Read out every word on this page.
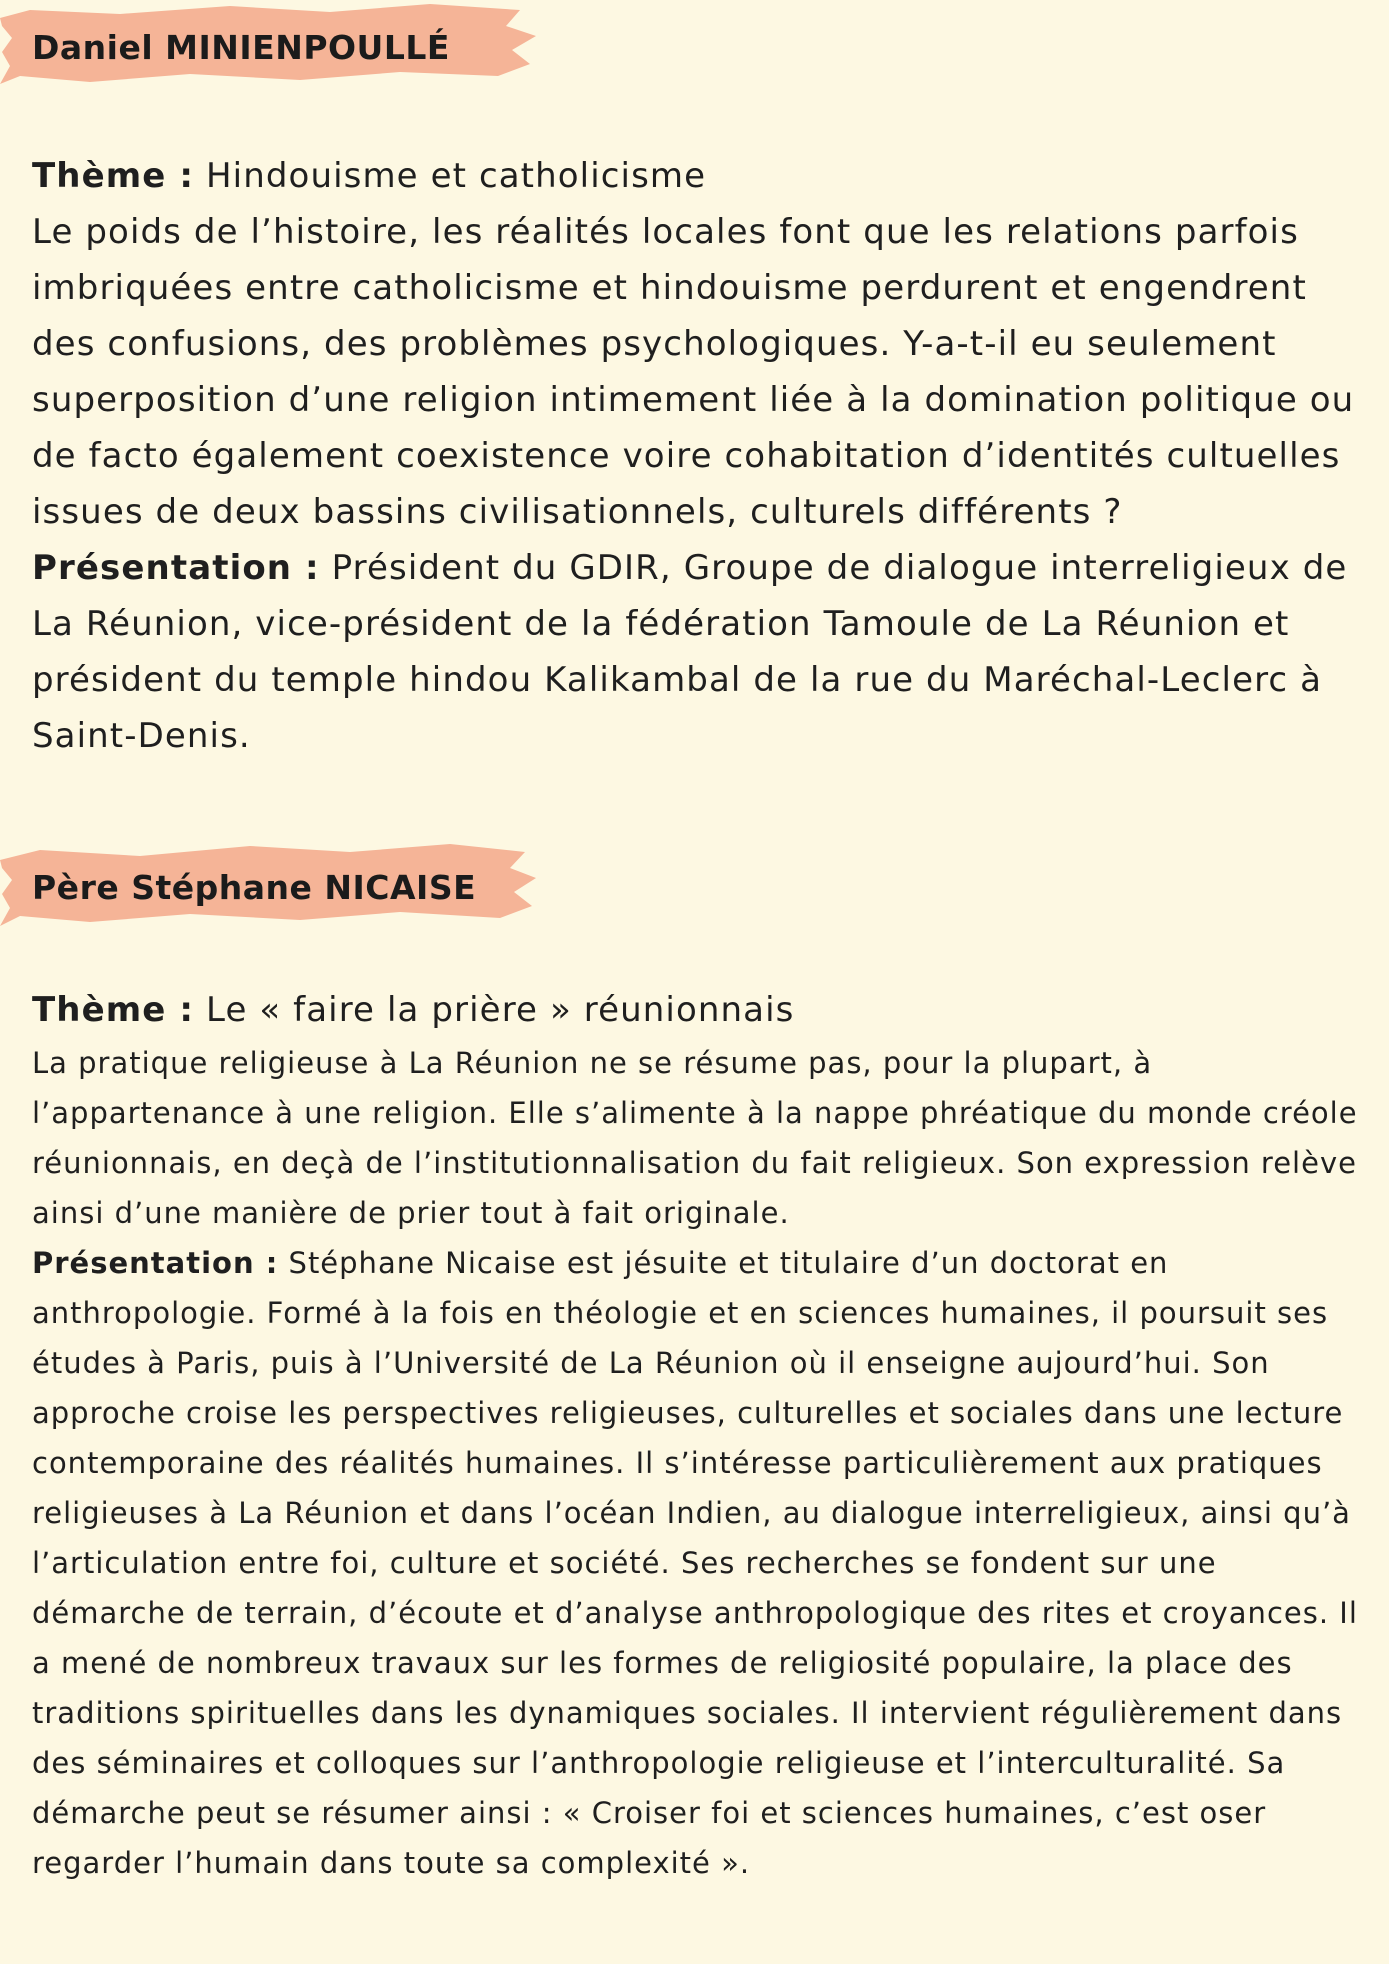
Daniel MINIENPOULLÉ

Thème : Hindouisme et catholicisme

Le poids de l’histoire, les réalités locales font que les relations parfois imbriquées entre catholicisme et hindouisme perdurent et engendrent des confusions, des problèmes psychologiques. Y-a-t-il eu seulement superposition d’une religion intimement liée à la domination politique ou de facto également coexistence voire cohabitation d’identités cultuelles issues de deux bassins civilisationnels, culturels différents ?

Présentation : Président du GDIR, Groupe de dialogue interreligieux de La Réunion, vice-président de la fédération Tamoule de La Réunion et président du temple hindou Kalikambal de la rue du Maréchal-Leclerc à Saint-Denis.

Père Stéphane NICAISE

Thème : Le « faire la prière » réunionnais

La pratique religieuse à La Réunion ne se résume pas, pour la plupart, à l’appartenance à une religion. Elle s’alimente à la nappe phréatique du monde créole réunionnais, en deçà de l’institutionnalisation du fait religieux. Son expression relève ainsi d’une manière de prier tout à fait originale.

Présentation : Stéphane Nicaise est jésuite et titulaire d’un doctorat en anthropologie. Formé à la fois en théologie et en sciences humaines, il poursuit ses études à Paris, puis à l’Université de La Réunion où il enseigne aujourd’hui. Son approche croise les perspectives religieuses, culturelles et sociales dans une lecture contemporaine des réalités humaines. Il s’intéresse particulièrement aux pratiques religieuses à La Réunion et dans l’océan Indien, au dialogue interreligieux, ainsi qu’à l’articulation entre foi, culture et société. Ses recherches se fondent sur une démarche de terrain, d’écoute et d’analyse anthropologique des rites et croyances. Il a mené de nombreux travaux sur les formes de religiosité populaire, la place des traditions spirituelles dans les dynamiques sociales. Il intervient régulièrement dans des séminaires et colloques sur l’anthropologie religieuse et l’interculturalité. Sa démarche peut se résumer ainsi : « Croiser foi et sciences humaines, c’est oser regarder l’humain dans toute sa complexité ».
